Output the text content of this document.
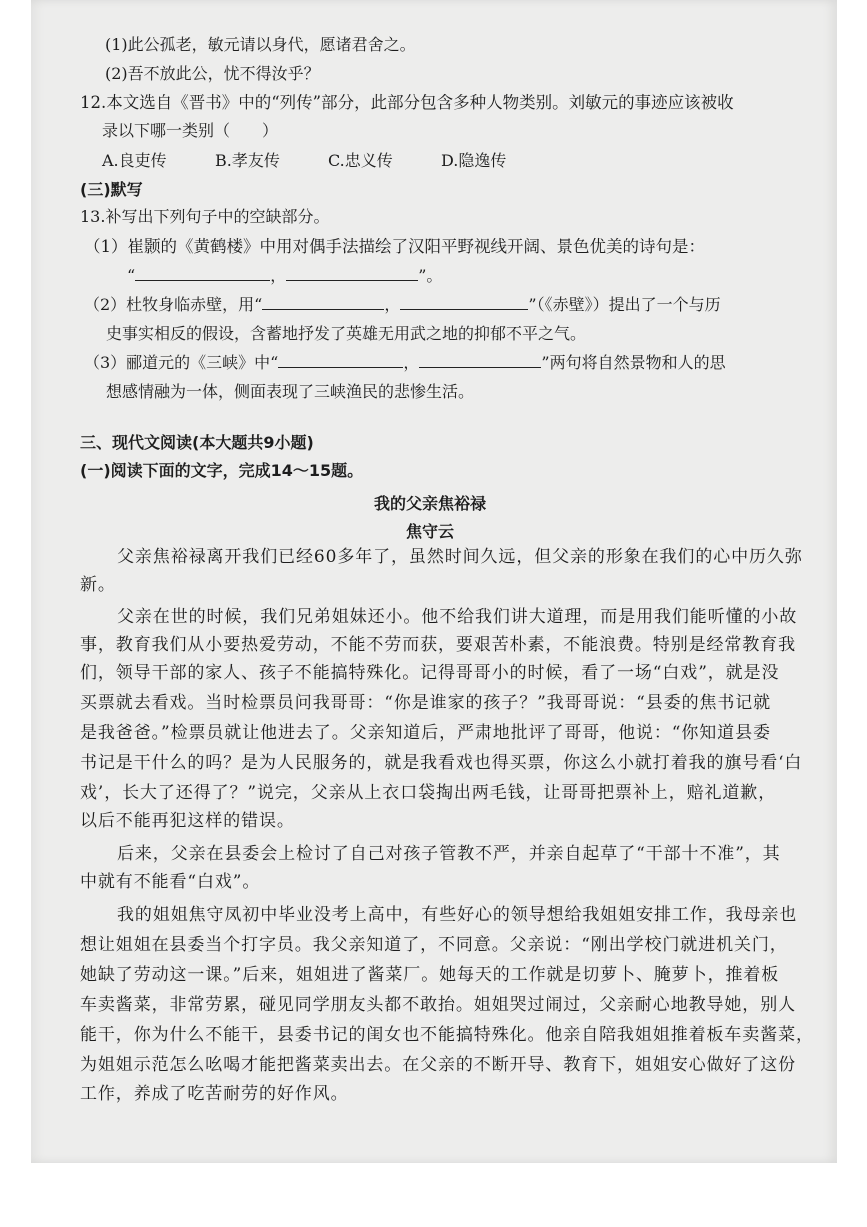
(1)此公孤老，敏元请以身代，愿诸君舍之。
(2)吾不放此公，忧不得汝乎？
12.本文选自《晋书》中的“列传”部分，此部分包含多种人物类别。刘敏元的事迹应该被收
录以下哪一类别（　　）
A.良吏传	B.孝友传	C.忠义传	D.隐逸传
(三)默写
13.补写出下列句子中的空缺部分。
（1）崔颢的《黄鹤楼》中用对偶手法描绘了汉阳平野视线开阔、景色优美的诗句是：
“	，	”。
（2）杜牧身临赤壁，用“	，	”（《赤壁》）提出了一个与历
史事实相反的假设，含蓄地抒发了英雄无用武之地的抑郁不平之气。
（3）郦道元的《三峡》中“	，	”两句将自然景物和人的思
想感情融为一体，侧面表现了三峡渔民的悲惨生活。
三、现代文阅读(本大题共9小题)
(一)阅读下面的文字，完成14～15题。
我的父亲焦裕禄
焦守云
父亲焦裕禄离开我们已经60多年了，虽然时间久远，但父亲的形象在我们的心中历久弥
新。
父亲在世的时候，我们兄弟姐妹还小。他不给我们讲大道理，而是用我们能听懂的小故
事，教育我们从小要热爱劳动，不能不劳而获，要艰苦朴素，不能浪费。特别是经常教育我
们，领导干部的家人、孩子不能搞特殊化。记得哥哥小的时候，看了一场“白戏”，就是没
买票就去看戏。当时检票员问我哥哥：“你是谁家的孩子？”我哥哥说：“县委的焦书记就
是我爸爸。”检票员就让他进去了。父亲知道后，严肃地批评了哥哥，他说：“你知道县委
书记是干什么的吗？是为人民服务的，就是我看戏也得买票，你这么小就打着我的旗号看‘白
戏’，长大了还得了？”说完，父亲从上衣口袋掏出两毛钱，让哥哥把票补上，赔礼道歉，
以后不能再犯这样的错误。
后来，父亲在县委会上检讨了自己对孩子管教不严，并亲自起草了“干部十不准”，其
中就有不能看“白戏”。
我的姐姐焦守凤初中毕业没考上高中，有些好心的领导想给我姐姐安排工作，我母亲也
想让姐姐在县委当个打字员。我父亲知道了，不同意。父亲说：“刚出学校门就进机关门，
她缺了劳动这一课。”后来，姐姐进了酱菜厂。她每天的工作就是切萝卜、腌萝卜，推着板
车卖酱菜，非常劳累，碰见同学朋友头都不敢抬。姐姐哭过闹过，父亲耐心地教导她，别人
能干，你为什么不能干，县委书记的闺女也不能搞特殊化。他亲自陪我姐姐推着板车卖酱菜，
为姐姐示范怎么吆喝才能把酱菜卖出去。在父亲的不断开导、教育下，姐姐安心做好了这份
工作，养成了吃苦耐劳的好作风。
